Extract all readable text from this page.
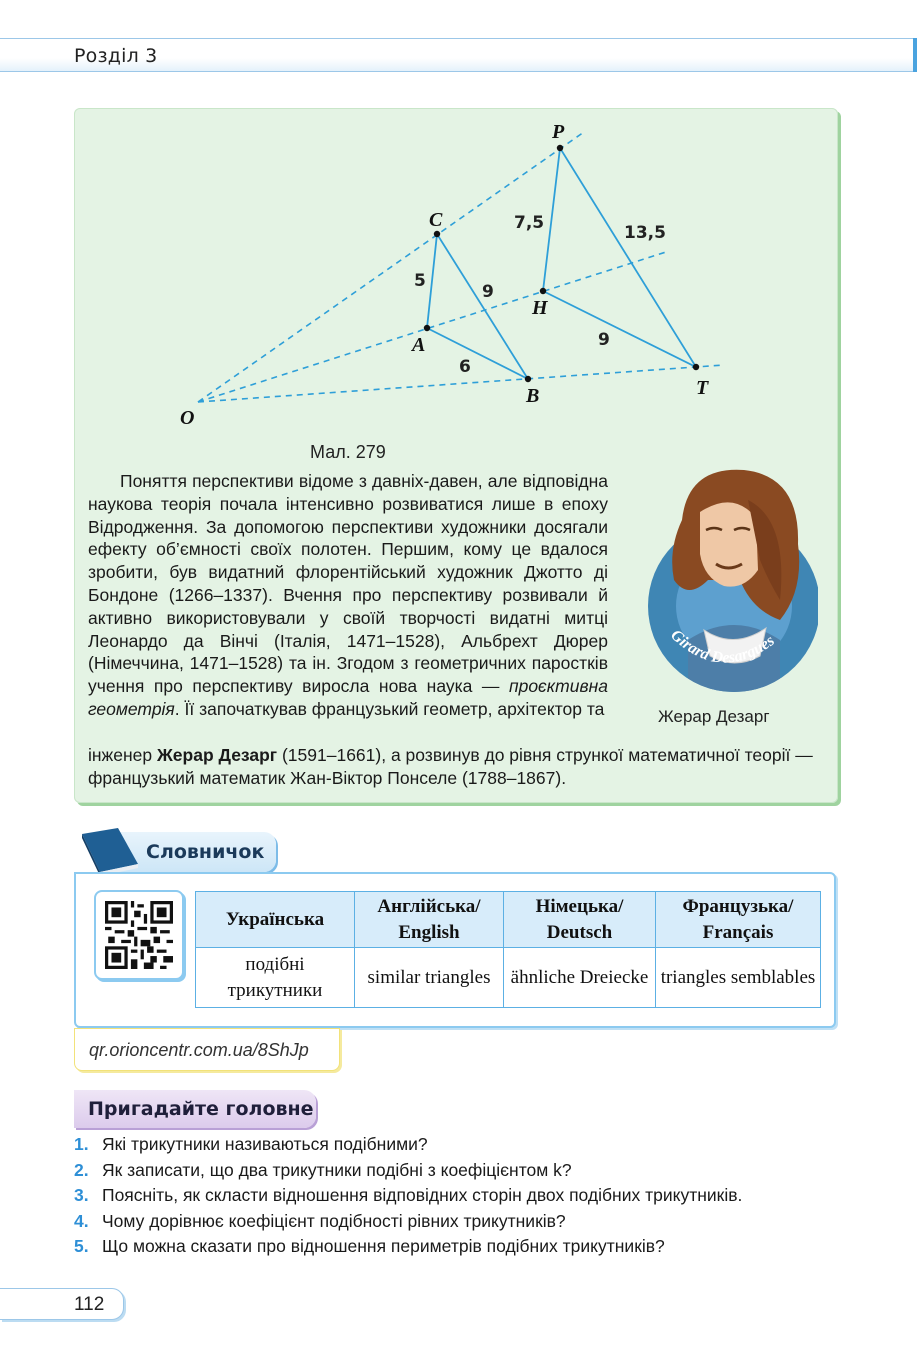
Розділ 3
P
C
H
A
B
O
T
5
9
6
7,5	13,5
9
Мал. 279

Поняття перспективи відоме з давніх-давен, але відповідна наукова теорія почала інтенсивно розвиватися лише в епоху Відродження. За допомогою перспективи художники досягали ефекту об’ємності своїх полотен. Першим, кому це вдалося зробити, був видатний флорентійський художник Джотто ді Бондоне (1266–1337). Вчення про перспективу розвивали й активно використовували у своїй творчості видатні митці Леонардо да Вінчі (Італія, 1471–1528), Альбрехт Дюрер (Німеччина, 1471–1528) та ін. Згодом з геометричних паростків учення про перспективу виросла нова наука — проєктивна геометрія. Її започаткував французький геометр, архітектор та

інженер Жерар Дезарг (1591–1661), а розвинув до рівня стрункої математичної теорії — французький математик Жан-Віктор Понселе (1788–1867).

Girard Desargues
Жерар Дезарг
Словничок
Українська	Англійська/ English	Німецька/ Deutsch	Французька/ Français
подібні трикутники	similar triangles	ähnliche Dreiecke	triangles semblables
qr.orioncentr.com.ua/8ShJp
Пригадайте головне
1. Які трикутники називаються подібними?
2. Як записати, що два трикутники подібні з коефіцієнтом k?
3. Поясніть, як скласти відношення відповідних сторін двох подібних трикутників.
4. Чому дорівнює коефіцієнт подібності рівних трикутників?
5. Що можна сказати про відношення периметрів подібних трикутників?
112
